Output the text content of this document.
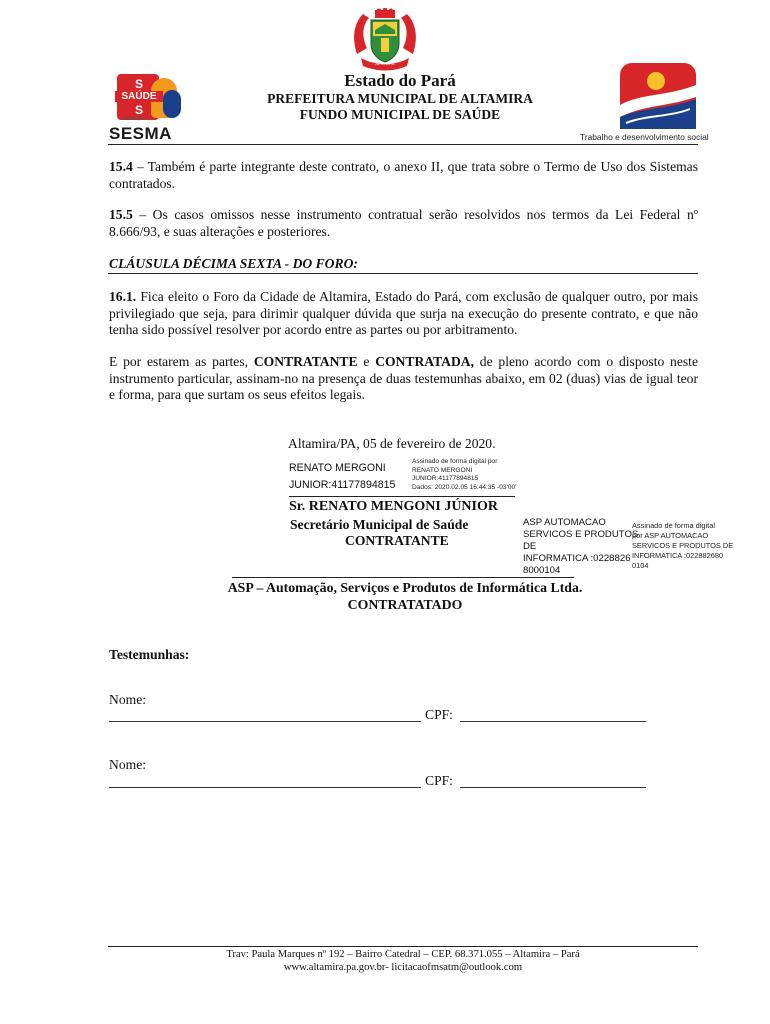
ALTAMIRA
S
SAÚDE
S
Altamira
SESMA
Estado do Pará
PREFEITURA MUNICIPAL DE ALTAMIRA
FUNDO MUNICIPAL DE SAÚDE
Trabalho e desenvolvimento social

15.4 – Também é parte integrante deste contrato, o anexo II, que trata sobre o Termo de Uso dos Sistemas contratados.

15.5 – Os casos omissos nesse instrumento contratual serão resolvidos nos termos da Lei Federal nº 8.666/93, e suas alterações e posteriores.

CLÁUSULA DÉCIMA SEXTA - DO FORO:

16.1. Fica eleito o Foro da Cidade de Altamira, Estado do Pará, com exclusão de qualquer outro, por mais privilegiado que seja, para dirimir qualquer dúvida que surja na execução do presente contrato, e que não tenha sido possível resolver por acordo entre as partes ou por arbitramento.

E por estarem as partes, CONTRATANTE e CONTRATADA, de pleno acordo com o disposto neste instrumento particular, assinam-no na presença de duas testemunhas abaixo, em 02 (duas) vias de igual teor e forma, para que surtam os seus efeitos legais.

Altamira/PA, 05 de fevereiro de 2020.
RENATO MERGONI
JUNIOR:41177894815
Assinado de forma digital por
RENATO MERGONI
JUNIOR:41177894815
Dados: 2020.02.05 16:44:35 -03'00'
Sr. RENATO MENGONI JÚNIOR
Secretário Municipal de Saúde
CONTRATANTE
ASP AUTOMACAO
SERVICOS E PRODUTOS
DE
INFORMATICA :0228826
8000104
Assinado de forma digital
por ASP AUTOMACAO
SERVICOS E PRODUTOS DE
INFORMATICA :022882680
0104
ASP – Automação, Serviços e Produtos de Informática Ltda.
CONTRATATADO
Testemunhas:
Nome:
CPF:
Nome:
CPF:
Trav: Paula Marques nº 192 – Bairro Catedral – CEP. 68.371.055 – Altamira – Pará
www.altamira.pa.gov.br- licitacaofmsatm@outlook.com
